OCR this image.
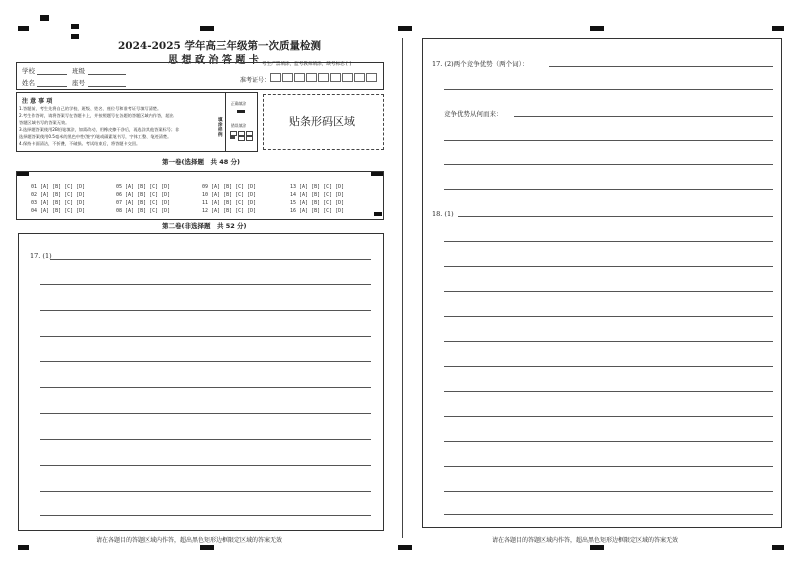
2024-2025 学年高三年级第一次质量检测
思 想 政 治 答 题 卡
学校	班级
姓名	座号
考生严禁填涂，监考教师填涂，缺考标志 [ ]
准考证号：
注 意 事 项
1.答题前，考生先将自己的学校、班级、姓名、座位号和准考证号填写清楚。
2.考生作答时，请将答案写在答题卡上，并按照题号在各题的答题区域内作答，超出
答题区域书写的答案无效。
3.选择题答案使用2B铅笔填涂，如需改动，用橡皮擦干净后，再选涂其他答案标号；非
选择题答案使用0.5毫米的黑色中性(签字)笔或碳素笔书写，字体工整、笔迹清楚。
4.保持卡面清洁，不折叠，不破损。考试结束后，将答题卡交回。
正确填涂
错误填涂
填涂样例
贴条形码区域
第一卷(选择题　共 48 分)
01 [A] [B] [C] [D]
02 [A] [B] [C] [D]
03 [A] [B] [C] [D]
04 [A] [B] [C] [D]
05 [A] [B] [C] [D]
06 [A] [B] [C] [D]
07 [A] [B] [C] [D]
08 [A] [B] [C] [D]
09 [A] [B] [C] [D]
10 [A] [B] [C] [D]
11 [A] [B] [C] [D]
12 [A] [B] [C] [D]
13 [A] [B] [C] [D]
14 [A] [B] [C] [D]
15 [A] [B] [C] [D]
16 [A] [B] [C] [D]
第二卷(非选择题　共 52 分)
17. (1)
请在各题目的答题区域内作答，超出黑色矩形边框限定区域的答案无效
17. (2)两个竞争优势（两个词）：
竞争优势从何而来：
18. (1)
请在各题目的答题区域内作答，超出黑色矩形边框限定区域的答案无效
